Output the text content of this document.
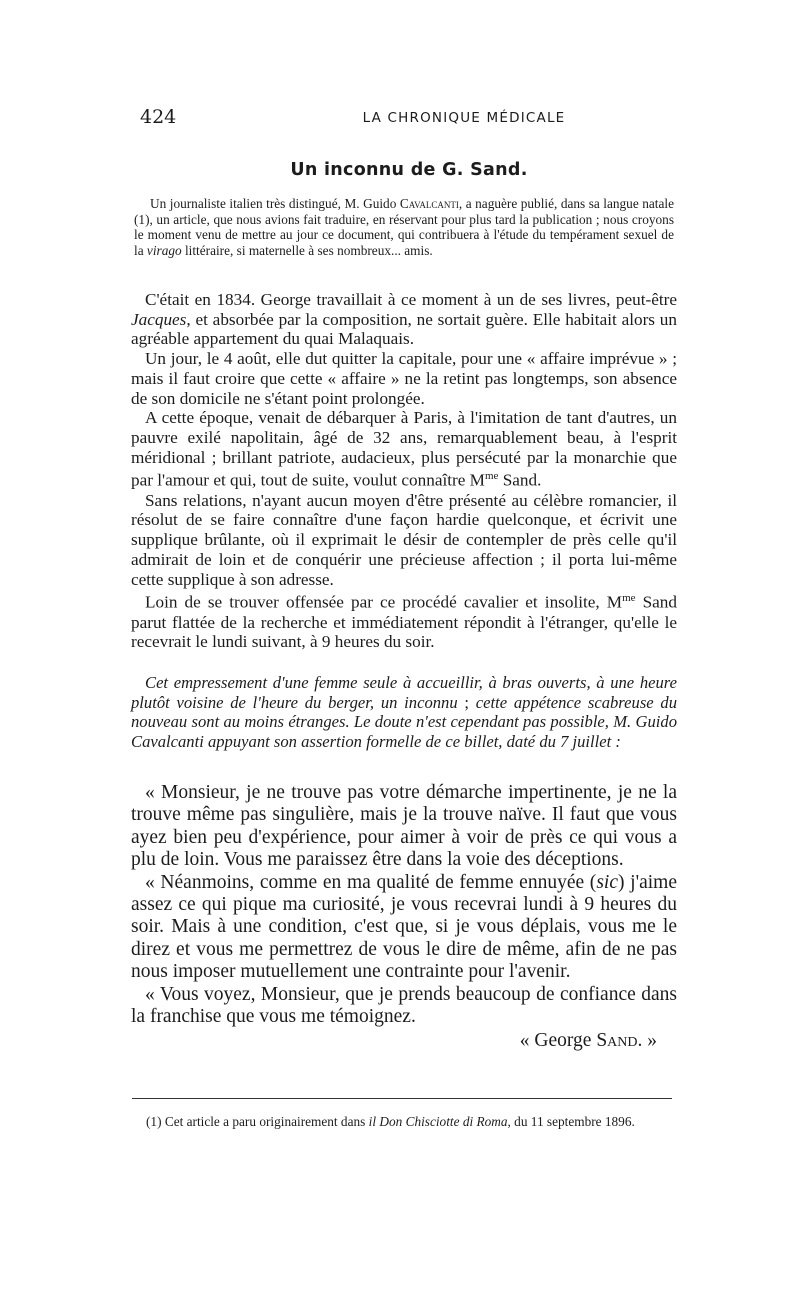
424	LA CHRONIQUE MÉDICALE
Un inconnu de G. Sand.

Un journaliste italien très distingué, M. Guido Cavalcanti, a naguère publié, dans sa langue natale (1), un article, que nous avions fait traduire, en réservant pour plus tard la publication ; nous croyons le moment venu de mettre au jour ce document, qui contribuera à l'étude du tempérament sexuel de la virago littéraire, si maternelle à ses nombreux... amis.

C'était en 1834. George travaillait à ce moment à un de ses livres, peut-être Jacques, et absorbée par la composition, ne sortait guère. Elle habitait alors un agréable appartement du quai Malaquais.

Un jour, le 4 août, elle dut quitter la capitale, pour une « affaire imprévue » ; mais il faut croire que cette « affaire » ne la retint pas longtemps, son absence de son domicile ne s'étant point prolongée.

A cette époque, venait de débarquer à Paris, à l'imitation de tant d'autres, un pauvre exilé napolitain, âgé de 32 ans, remarquablement beau, à l'esprit méridional ; brillant patriote, audacieux, plus persécuté par la monarchie que par l'amour et qui, tout de suite, voulut connaître $M^{me}$ Sand.

Sans relations, n'ayant aucun moyen d'être présenté au célèbre romancier, il résolut de se faire connaître d'une façon hardie quelconque, et écrivit une supplique brûlante, où il exprimait le désir de contempler de près celle qu'il admirait de loin et de conquérir une précieuse affection ; il porta lui-même cette supplique à son adresse.

Loin de se trouver offensée par ce procédé cavalier et insolite, $M^{me}$ Sand parut flattée de la recherche et immédiatement répondit à l'étranger, qu'elle le recevrait le lundi suivant, à 9 heures du soir.

Cet empressement d'une femme seule à accueillir, à bras ouverts, à une heure plutôt voisine de l'heure du berger, un inconnu ; cette appétence scabreuse du nouveau sont au moins étranges. Le doute n'est cependant pas possible, M. Guido Cavalcanti appuyant son assertion formelle de ce billet, daté du 7 juillet :

« Monsieur, je ne trouve pas votre démarche impertinente, je ne la trouve même pas singulière, mais je la trouve naïve. Il faut que vous ayez bien peu d'expérience, pour aimer à voir de près ce qui vous a plu de loin. Vous me paraissez être dans la voie des déceptions.

« Néanmoins, comme en ma qualité de femme ennuyée (sic) j'aime assez ce qui pique ma curiosité, je vous recevrai lundi à 9 heures du soir. Mais à une condition, c'est que, si je vous déplais, vous me le direz et vous me permettrez de vous le dire de même, afin de ne pas nous imposer mutuellement une contrainte pour l'avenir.

« Vous voyez, Monsieur, que je prends beaucoup de confiance dans la franchise que vous me témoignez.

« George Sand. »

(1) Cet article a paru originairement dans il Don Chisciotte di Roma, du 11 septembre 1896.
